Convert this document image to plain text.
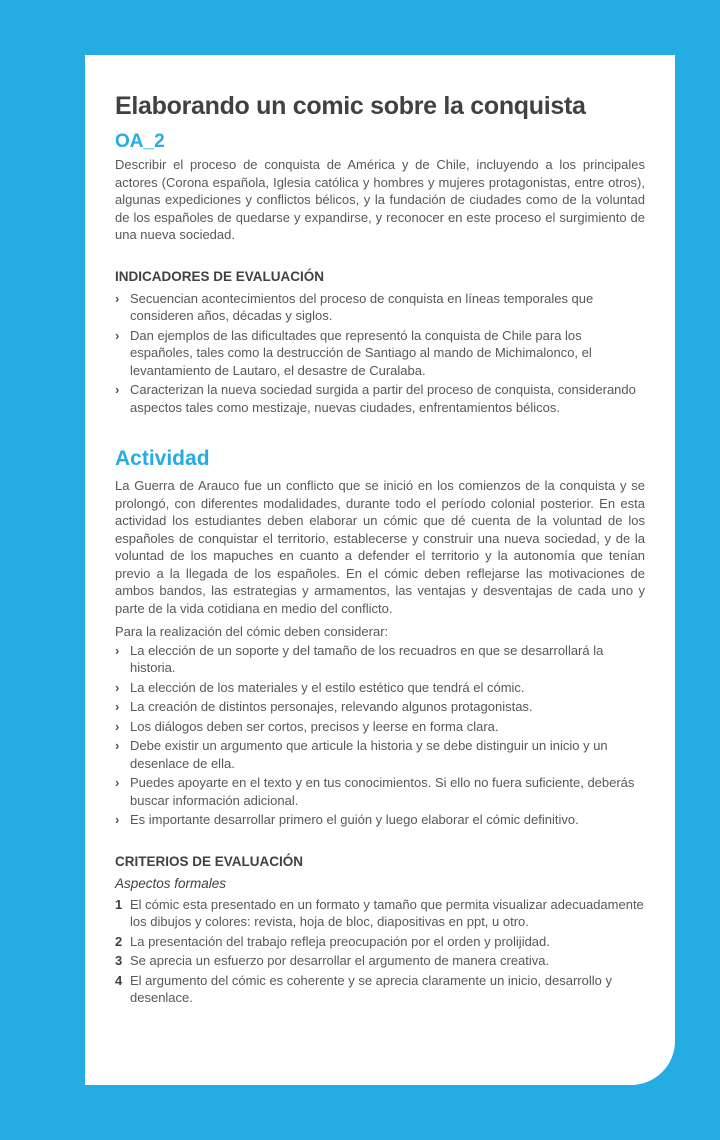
Elaborando un comic sobre la conquista
OA_2

Describir el proceso de conquista de América y de Chile, incluyendo a los principales actores (Corona española, Iglesia católica y hombres y mujeres protagonistas, entre otros), algunas expediciones y conflictos bélicos, y la fundación de ciudades como de la voluntad de los españoles de quedarse y expandirse, y reconocer en este proceso el surgimiento de una nueva sociedad.

INDICADORES DE EVALUACIÓN
› Secuencian acontecimientos del proceso de conquista en líneas temporales que consideren años, décadas y siglos.
› Dan ejemplos de las dificultades que representó la conquista de Chile para los españoles, tales como la destrucción de Santiago al mando de Michimalonco, el levantamiento de Lautaro, el desastre de Curalaba.
› Caracterizan la nueva sociedad surgida a partir del proceso de conquista, considerando aspectos tales como mestizaje, nuevas ciudades, enfrentamientos bélicos.
Actividad

La Guerra de Arauco fue un conflicto que se inició en los comienzos de la conquista y se prolongó, con diferentes modalidades, durante todo el período colonial posterior. En esta actividad los estudiantes deben elaborar un cómic que dé cuenta de la voluntad de los españoles de conquistar el territorio, establecerse y construir una nueva sociedad, y de la voluntad de los mapuches en cuanto a defender el territorio y la autonomía que tenían previo a la llegada de los españoles. En el cómic deben reflejarse las motivaciones de ambos bandos, las estrategias y armamentos, las ventajas y desventajas de cada uno y parte de la vida cotidiana en medio del conflicto.

Para la realización del cómic deben considerar:

› La elección de un soporte y del tamaño de los recuadros en que se desarrollará la historia.
› La elección de los materiales y el estilo estético que tendrá el cómic.
› La creación de distintos personajes, relevando algunos protagonistas.
› Los diálogos deben ser cortos, precisos y leerse en forma clara.
› Debe existir un argumento que articule la historia y se debe distinguir un inicio y un desenlace de ella.
› Puedes apoyarte en el texto y en tus conocimientos. Si ello no fuera suficiente, deberás buscar información adicional.
› Es importante desarrollar primero el guión y luego elaborar el cómic definitivo.
CRITERIOS DE EVALUACIÓN

Aspectos formales

1 El cómic esta presentado en un formato y tamaño que permita visualizar adecuadamente los dibujos y colores: revista, hoja de bloc, diapositivas en ppt, u otro.
2 La presentación del trabajo refleja preocupación por el orden y prolijidad.
3 Se aprecia un esfuerzo por desarrollar el argumento de manera creativa.
4 El argumento del cómic es coherente y se aprecia claramente un inicio, desarrollo y desenlace.
